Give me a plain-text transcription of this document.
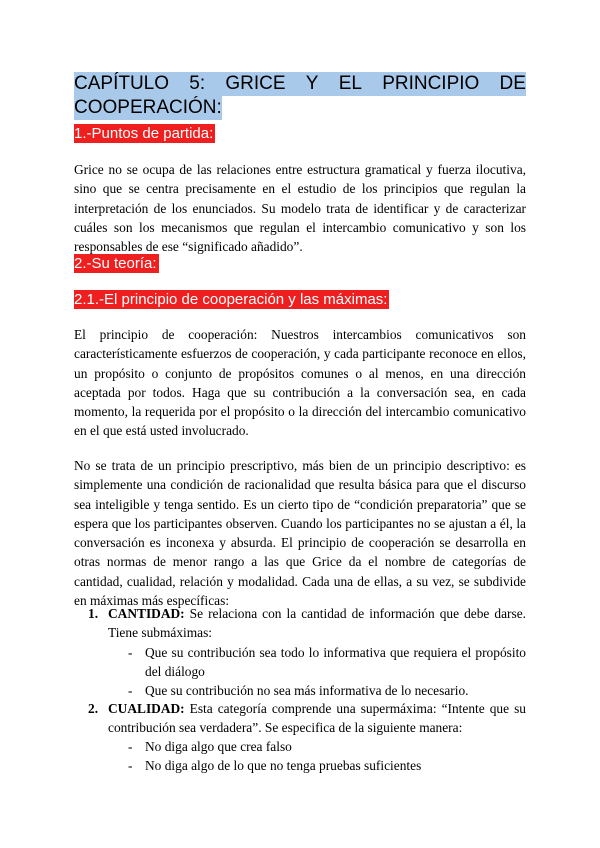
CAPÍTULO 5: GRICE Y EL PRINCIPIO DE
COOPERACIÓN:
1.-Puntos de partida:
Grice no se ocupa de las relaciones entre estructura gramatical y fuerza ilocutiva, sino que se centra precisamente en el estudio de los principios que regulan la interpretación de los enunciados. Su modelo trata de identificar y de caracterizar cuáles son los mecanismos que regulan el intercambio comunicativo y son los responsables de ese “significado añadido”.
2.-Su teoría:
2.1.-El principio de cooperación y las máximas:
El principio de cooperación: Nuestros intercambios comunicativos son característicamente esfuerzos de cooperación, y cada participante reconoce en ellos, un propósito o conjunto de propósitos comunes o al menos, en una dirección aceptada por todos. Haga que su contribución a la conversación sea, en cada momento, la requerida por el propósito o la dirección del intercambio comunicativo en el que está usted involucrado.
No se trata de un principio prescriptivo, más bien de un principio descriptivo: es simplemente una condición de racionalidad que resulta básica para que el discurso sea inteligible y tenga sentido. Es un cierto tipo de “condición preparatoria” que se espera que los participantes observen. Cuando los participantes no se ajustan a él, la conversación es inconexa y absurda. El principio de cooperación se desarrolla en otras normas de menor rango a las que Grice da el nombre de categorías de cantidad, cualidad, relación y modalidad. Cada una de ellas, a su vez, se subdivide en máximas más específicas:
1. CANTIDAD: Se relaciona con la cantidad de información que debe darse. Tiene submáximas:
- Que su contribución sea todo lo informativa que requiera el propósito del diálogo
- Que su contribución no sea más informativa de lo necesario.
2. CUALIDAD: Esta categoría comprende una supermáxima: “Intente que su contribución sea verdadera”. Se especifica de la siguiente manera:
- No diga algo que crea falso
- No diga algo de lo que no tenga pruebas suficientes
